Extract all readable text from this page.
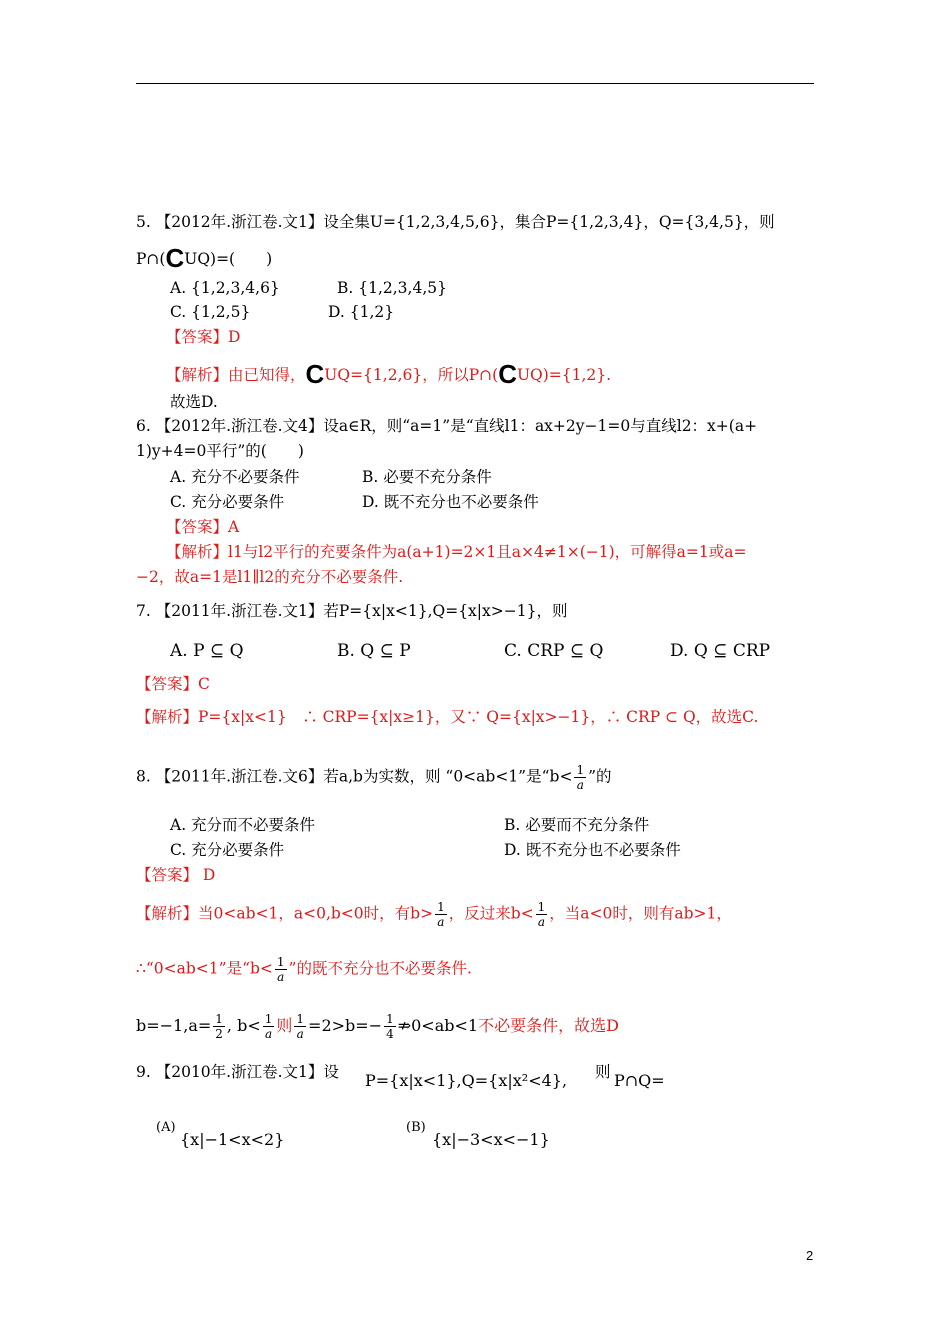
5. 【2012年.浙江卷.文1】设全集U={1,2,3,4,5,6}，集合P={1,2,3,4}，Q={3,4,5}，则
P∩(CUQ)=(　　)
A. {1,2,3,4,6}	B. {1,2,3,4,5}
C. {1,2,5}	D. {1,2}
【答案】D
【解析】由已知得，CUQ={1,2,6}，所以P∩(CUQ)={1,2}.
故选D.
6. 【2012年.浙江卷.文4】设a∈R，则“a=1”是“直线l1：ax+2y−1=0与直线l2：x+(a+
1)y+4=0平行”的(　　)
A. 充分不必要条件	B. 必要不充分条件
C. 充分必要条件	D. 既不充分也不必要条件
【答案】A
【解析】l1与l2平行的充要条件为a(a+1)=2×1且a×4≠1×(−1)，可解得a=1或a=
−2，故a=1是l1∥l2的充分不必要条件.
7. 【2011年.浙江卷.文1】若P={x|x<1},Q={x|x>−1}，则
A. P ⊆ Q	B. Q ⊆ P	C. CRP ⊆ Q	D. Q ⊆ CRP
【答案】C
【解析】P={x|x<1}　∴ CRP={x|x≥1}，又∵ Q={x|x>−1}，∴ CRP ⊂ Q，故选C.
8. 【2011年.浙江卷.文6】若a,b为实数，则 “0<ab<1”是“$b< \frac{1}{a}$ ”的
A. 充分而不必要条件	B. 必要而不充分条件
C. 充分必要条件	D. 既不充分也不必要条件
【答案】 D
【解析】当0<ab<1，a<0,b<0时，有$b> \frac{1}{a}$ ，反过来$b< \frac{1}{a}$ ，当a<0时，则有ab>1，
∴“0<ab<1”是“$b< \frac{1}{a}$ ”的既不充分也不必要条件.
$b=-1,a= \frac{1}{2}$ , $b< \frac{1}{a}$ 则 $\frac{1}{a} =2>b=- \frac{1}{4}$ ⇏0<ab<1不必要条件，故选D
9. 【2010年.浙江卷.文1】设 P={x|x<1},Q={x|x²<4}, 则 P∩Q=
(A)
{x|−1<x<2}
(B)
{x|−3<x<−1}
2
